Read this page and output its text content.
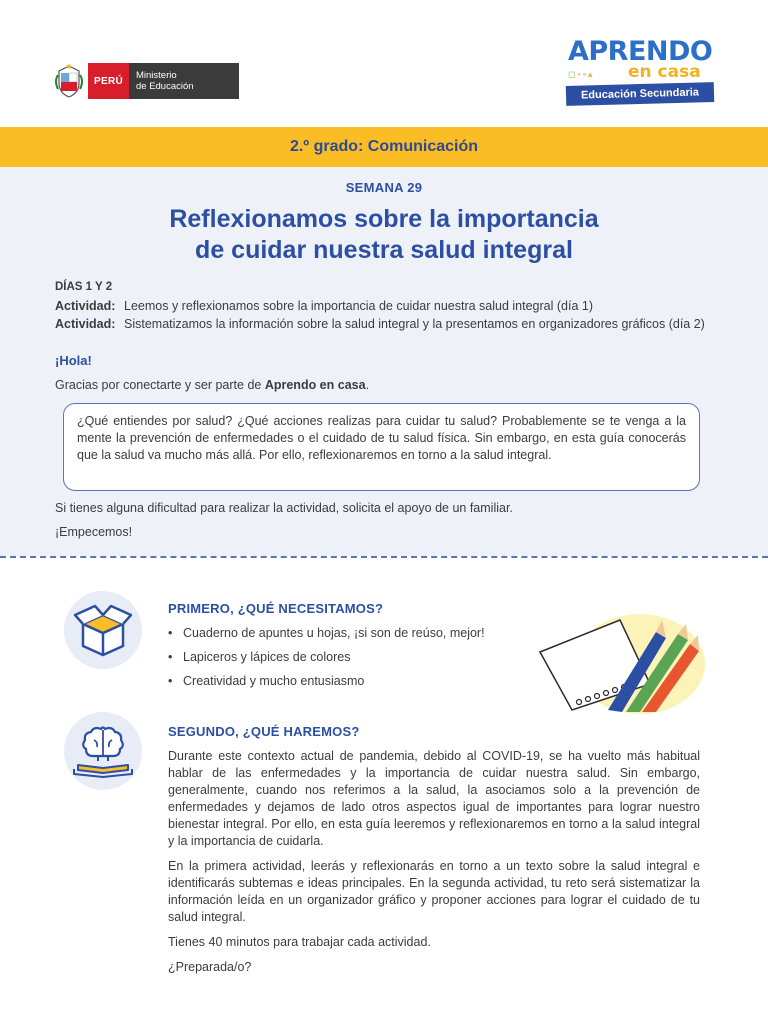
PERÚ	Ministerio
de Educación
APRENDO
◻◦◦▴ en casa
Educación Secundaria
2.º grado: Comunicación
SEMANA 29
Reflexionamos sobre la importancia
de cuidar nuestra salud integral
DÍAS 1 Y 2
Actividad: Leemos y reflexionamos sobre la importancia de cuidar nuestra salud integral (día 1)
Actividad: Sistematizamos la información sobre la salud integral y la presentamos en organizadores gráficos (día 2)
¡Hola!
Gracias por conectarte y ser parte de Aprendo en casa.
¿Qué entiendes por salud? ¿Qué acciones realizas para cuidar tu salud? Probablemente se te venga a la mente la prevención de enfermedades o el cuidado de tu salud física. Sin embargo, en esta guía conocerás que la salud va mucho más allá. Por ello, reflexionaremos en torno a la salud integral.
Si tienes alguna dificultad para realizar la actividad, solicita el apoyo de un familiar.
¡Empecemos!
PRIMERO, ¿QUÉ NECESITAMOS?
• Cuaderno de apuntes u hojas, ¡si son de reúso, mejor!
• Lapiceros y lápices de colores
• Creatividad y mucho entusiasmo
SEGUNDO, ¿QUÉ HAREMOS?
Durante este contexto actual de pandemia, debido al COVID-19, se ha vuelto más habitual hablar de las enfermedades y la importancia de cuidar nuestra salud. Sin embargo, generalmente, cuando nos referimos a la salud, la asociamos solo a la prevención de enfermedades y dejamos de lado otros aspectos igual de importantes para lograr nuestro bienestar integral. Por ello, en esta guía leeremos y reflexionaremos en torno a la salud integral y la importancia de cuidarla.
En la primera actividad, leerás y reflexionarás en torno a un texto sobre la salud integral e identificarás subtemas e ideas principales. En la segunda actividad, tu reto será sistematizar la información leída en un organizador gráfico y proponer acciones para lograr el cuidado de tu salud integral.
Tienes 40 minutos para trabajar cada actividad.
¿Preparada/o?
